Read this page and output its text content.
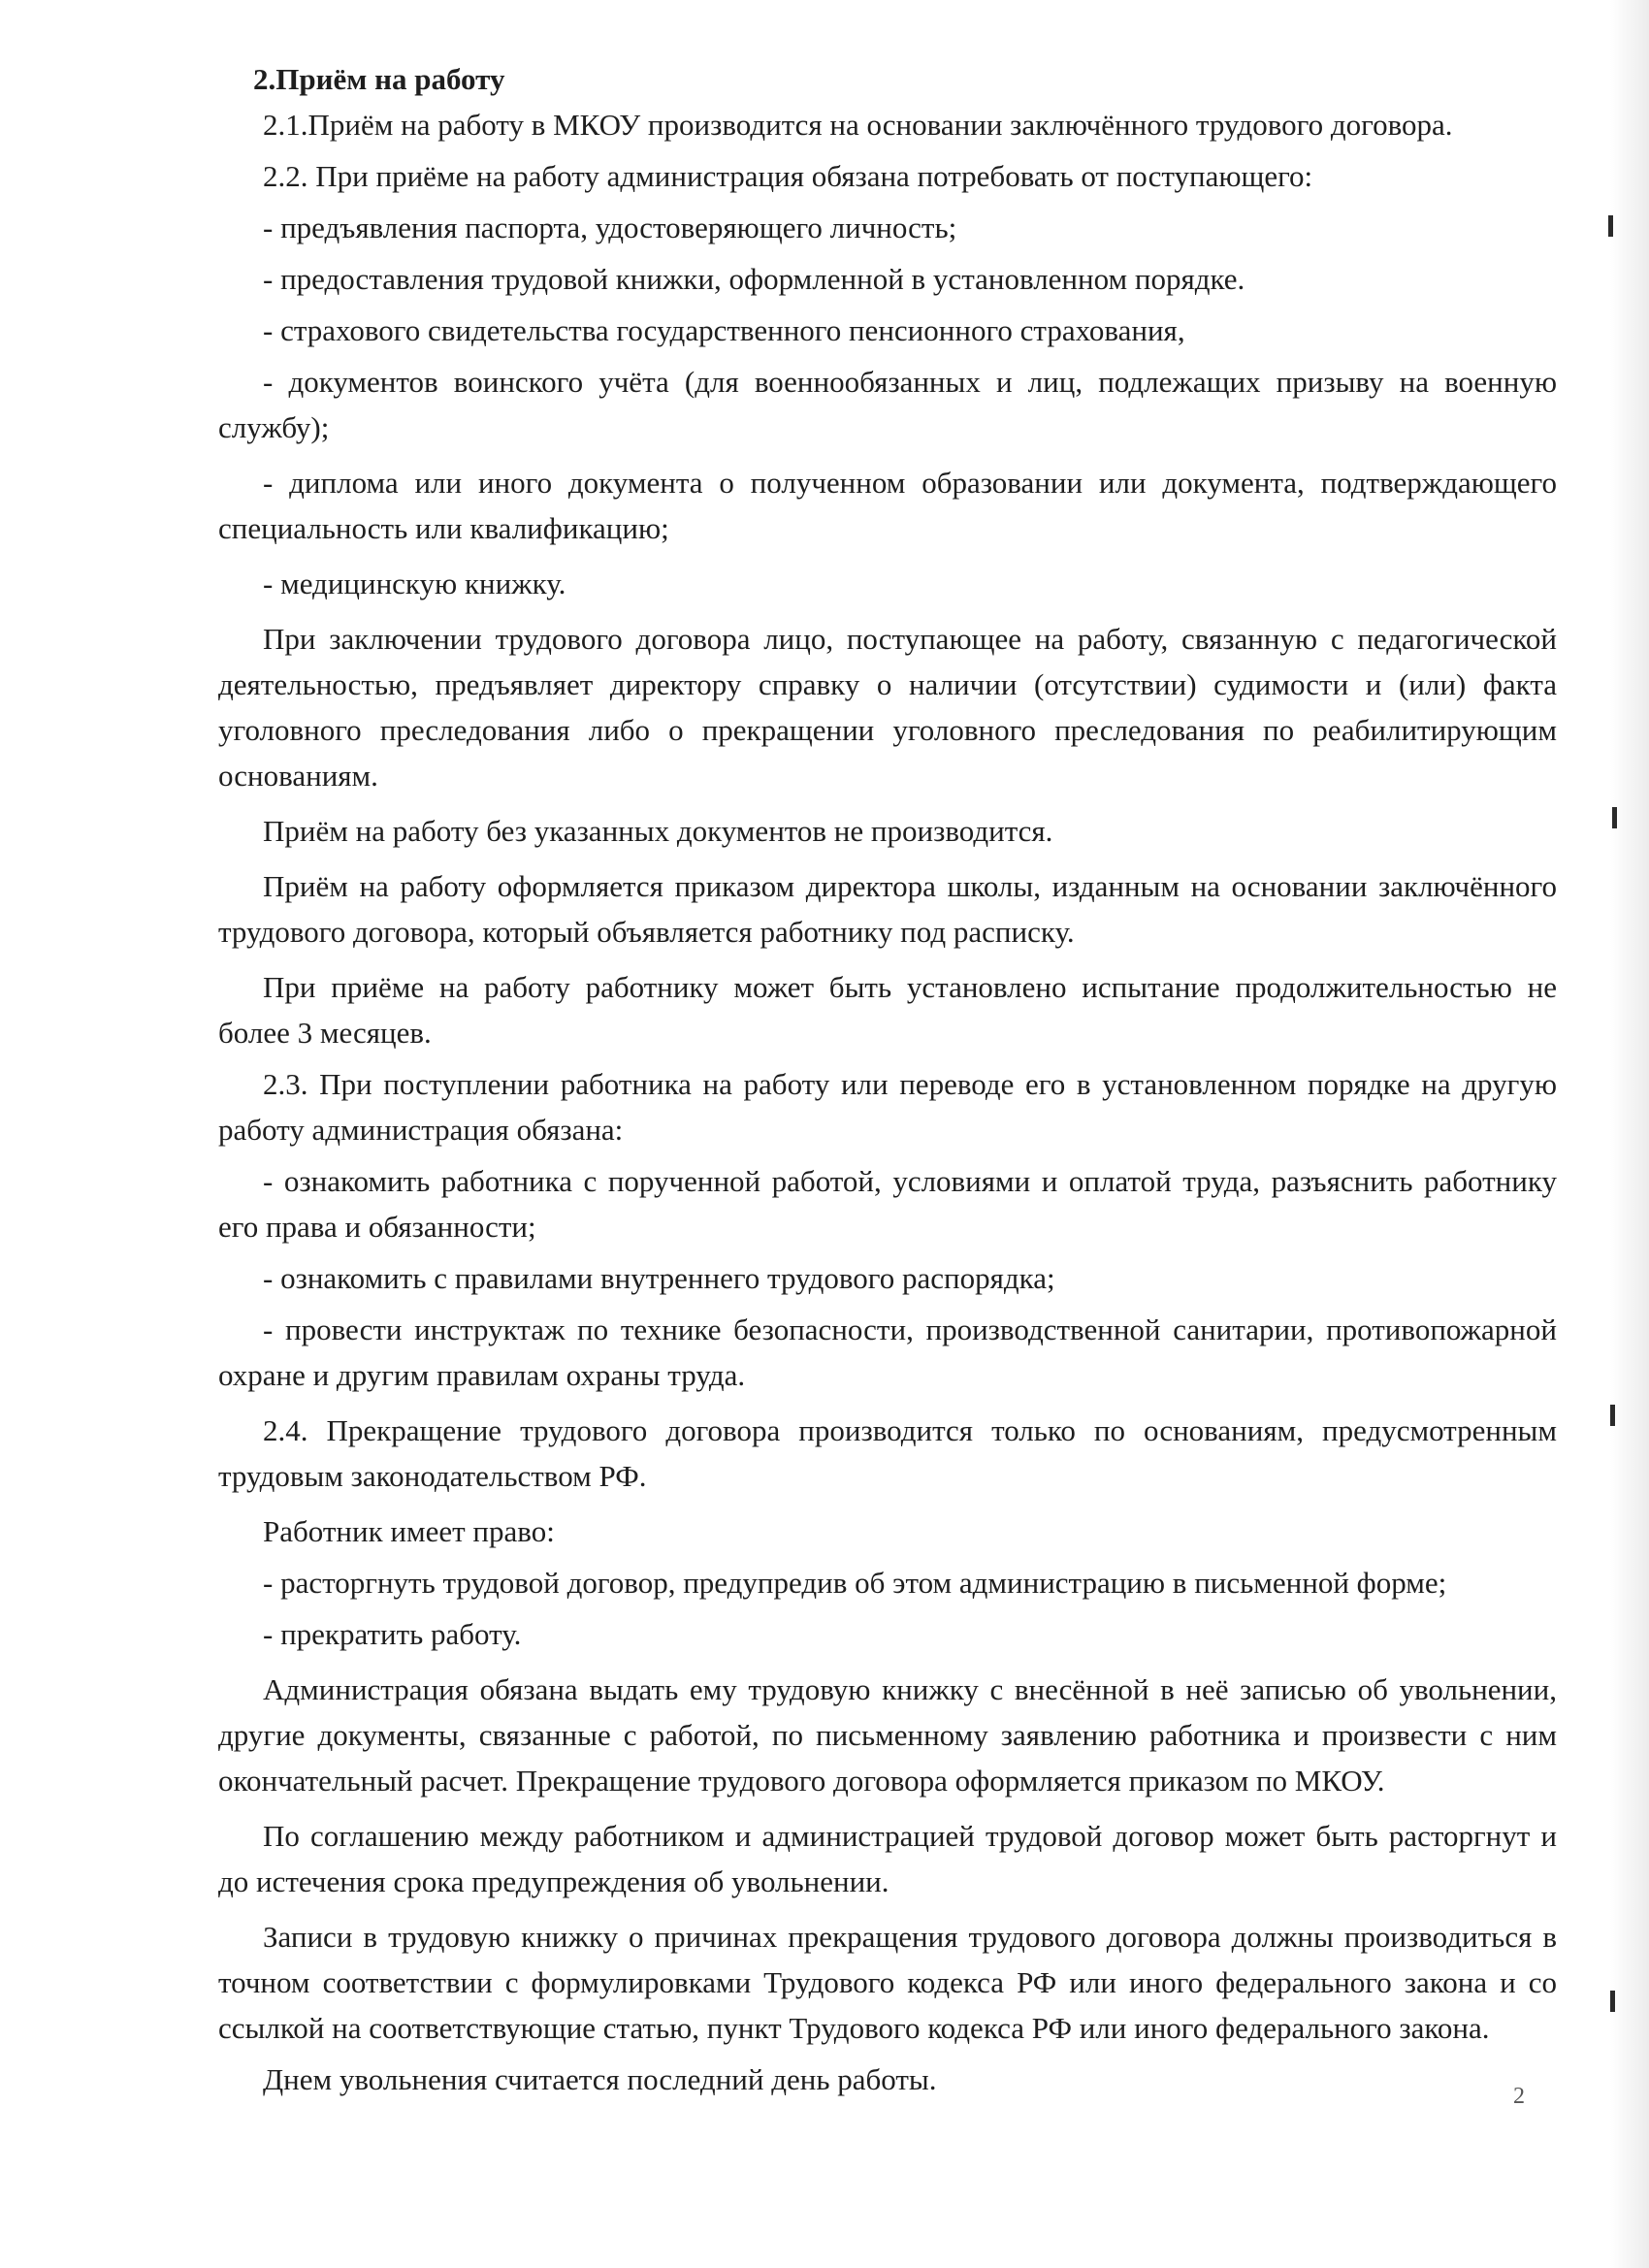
2.Приём на работу

2.1.Приём на работу в МКОУ производится на основании заключённого трудового договора.

2.2. При приёме на работу администрация обязана потребовать от поступающего:

- предъявления паспорта, удостоверяющего личность;

- предоставления трудовой книжки, оформленной в установленном порядке.

- страхового свидетельства государственного пенсионного страхования,

- документов воинского учёта (для военнообязанных и лиц, подлежащих призыву на военную службу);

- диплома или иного документа о полученном образовании или документа, подтверждающего специальность или квалификацию;

- медицинскую книжку.

При заключении трудового договора лицо, поступающее на работу, связанную с педагогической деятельностью, предъявляет директору справку о наличии (отсутствии) судимости и (или) факта уголовного преследования либо о прекращении уголовного преследования по реабилитирующим основаниям.

Приём на работу без указанных документов не производится.

Приём на работу оформляется приказом директора школы, изданным на основании заключённого трудового договора, который объявляется работнику под расписку.

При приёме на работу работнику может быть установлено испытание продолжительностью не более 3 месяцев.

2.3. При поступлении работника на работу или переводе его в установленном порядке на другую работу администрация обязана:

- ознакомить работника с порученной работой, условиями и оплатой труда, разъяснить работнику его права и обязанности;

- ознакомить с правилами внутреннего трудового распорядка;

- провести инструктаж по технике безопасности, производственной санитарии, противопожарной охране и другим правилам охраны труда.

2.4. Прекращение трудового договора производится только по основаниям, предусмотренным трудовым законодательством РФ.

Работник имеет право:

- расторгнуть трудовой договор, предупредив об этом администрацию в письменной форме;

- прекратить работу.

Администрация обязана выдать ему трудовую книжку с внесённой в неё записью об увольнении, другие документы, связанные с работой, по письменному заявлению работника и произвести с ним окончательный расчет. Прекращение трудового договора оформляется приказом по МКОУ.

По соглашению между работником и администрацией трудовой договор может быть расторгнут и до истечения срока предупреждения об увольнении.

Записи в трудовую книжку о причинах прекращения трудового договора должны производиться в точном соответствии с формулировками Трудового кодекса РФ или иного федерального закона и со ссылкой на соответствующие статью, пункт Трудового кодекса РФ или иного федерального закона.

Днем увольнения считается последний день работы.	2
